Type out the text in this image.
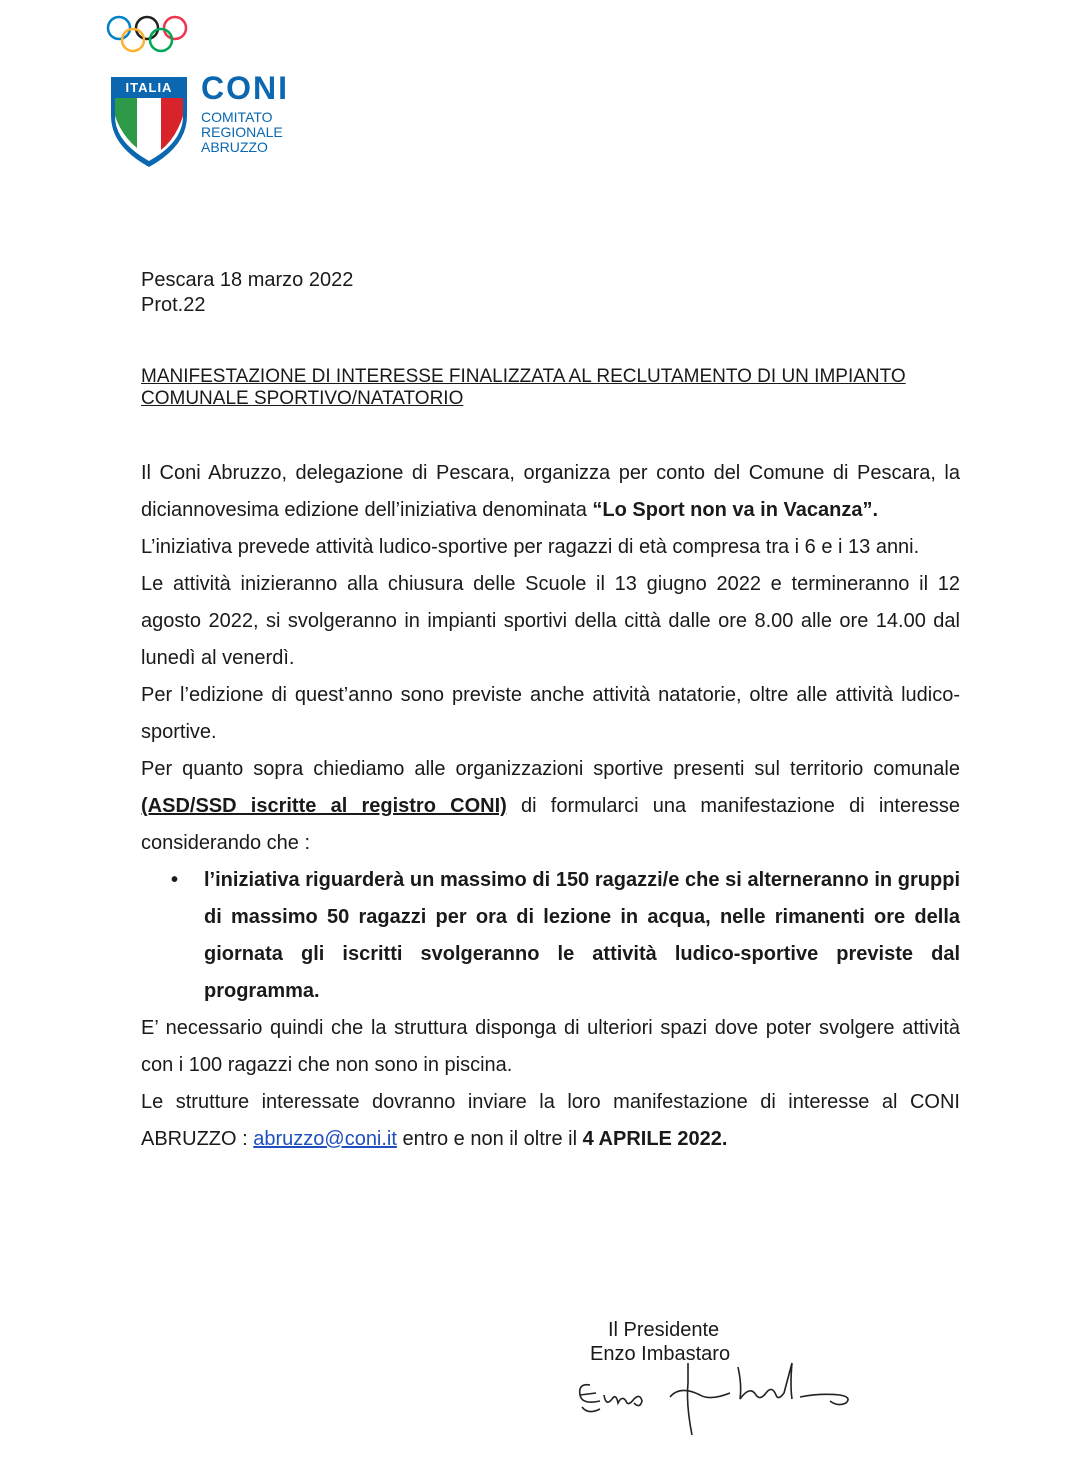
ITALIA CONI
COMITATO
REGIONALE
ABRUZZO
Pescara 18 marzo 2022
Prot.22
MANIFESTAZIONE DI INTERESSE FINALIZZATA AL RECLUTAMENTO DI UN IMPIANTO COMUNALE SPORTIVO/NATATORIO

Il Coni Abruzzo, delegazione di Pescara, organizza per conto del Comune di Pescara, la diciannovesima edizione dell’iniziativa denominata “Lo Sport non va in Vacanza”.

L’iniziativa prevede attività ludico-sportive per ragazzi di età compresa tra i 6 e i 13 anni.

Le attività inizieranno alla chiusura delle Scuole il 13 giugno 2022 e termineranno il 12 agosto 2022, si svolgeranno in impianti sportivi della città dalle ore 8.00 alle ore 14.00 dal lunedì al venerdì.

Per l’edizione di quest’anno sono previste anche attività natatorie, oltre alle attività ludico-sportive.

Per quanto sopra chiediamo alle organizzazioni sportive presenti sul territorio comunale (ASD/SSD iscritte al registro CONI) di formularci una manifestazione di interesse considerando che :

• l’iniziativa riguarderà un massimo di 150 ragazzi/e che si alterneranno in gruppi di massimo 50 ragazzi per ora di lezione in acqua, nelle rimanenti ore della giornata gli iscritti svolgeranno le attività ludico-sportive previste dal programma.

E’ necessario quindi che la struttura disponga di ulteriori spazi dove poter svolgere attività con i 100 ragazzi che non sono in piscina.

Le strutture interessate dovranno inviare la loro manifestazione di interesse al CONI ABRUZZO : abruzzo@coni.it entro e non il oltre il 4 APRILE 2022.

Il Presidente
Enzo Imbastaro
